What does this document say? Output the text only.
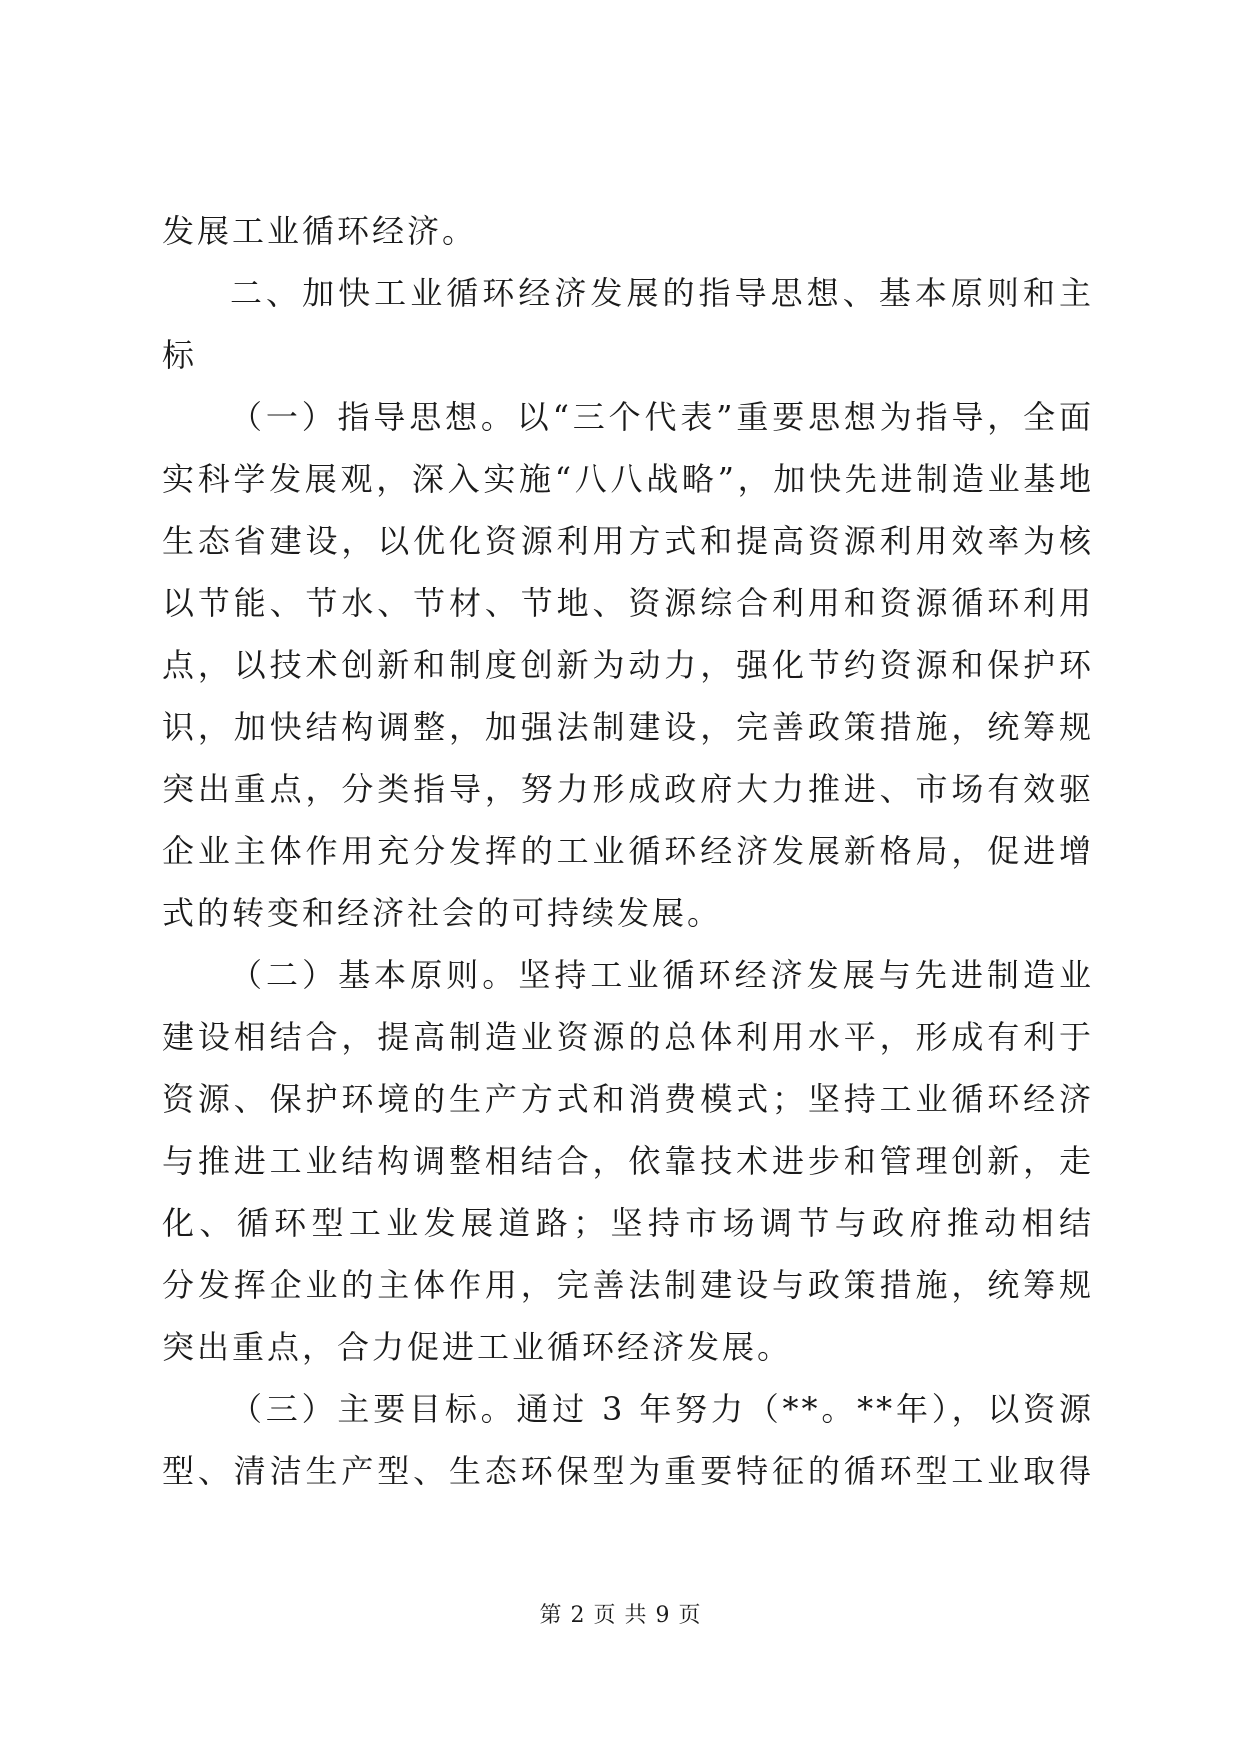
发展工业循环经济。
二、加快工业循环经济发展的指导思想、基本原则和主
标
（一）指导思想。以“三个代表”重要思想为指导，全面
实科学发展观，深入实施“八八战略”，加快先进制造业基地
生态省建设，以优化资源利用方式和提高资源利用效率为核
以节能、节水、节材、节地、资源综合利用和资源循环利用
点，以技术创新和制度创新为动力，强化节约资源和保护环
识，加快结构调整，加强法制建设，完善政策措施，统筹规
突出重点，分类指导，努力形成政府大力推进、市场有效驱
企业主体作用充分发挥的工业循环经济发展新格局，促进增
式的转变和经济社会的可持续发展。
（二）基本原则。坚持工业循环经济发展与先进制造业
建设相结合，提高制造业资源的总体利用水平，形成有利于
资源、保护环境的生产方式和消费模式；坚持工业循环经济
与推进工业结构调整相结合，依靠技术进步和管理创新，走
化、循环型工业发展道路；坚持市场调节与政府推动相结
分发挥企业的主体作用，完善法制建设与政策措施，统筹规
突出重点，合力促进工业循环经济发展。
（三）主要目标。通过 3 年努力（**。**年），以资源
型、清洁生产型、生态环保型为重要特征的循环型工业取得
第 2 页 共 9 页
